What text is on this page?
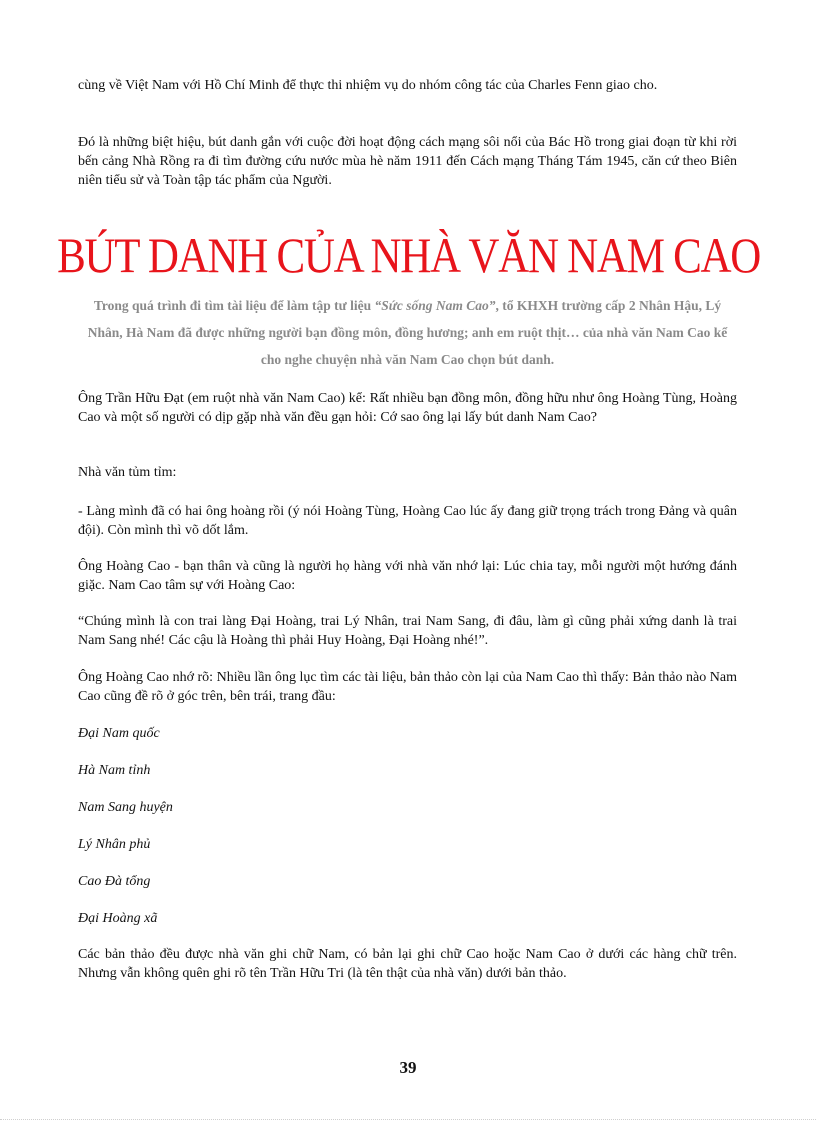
cùng về Việt Nam với Hồ Chí Minh để thực thi nhiệm vụ do nhóm công tác của Charles Fenn giao cho.

Đó là những biệt hiệu, bút danh gắn với cuộc đời hoạt động cách mạng sôi nổi của Bác Hồ trong giai đoạn từ khi rời bến cảng Nhà Rồng ra đi tìm đường cứu nước mùa hè năm 1911 đến Cách mạng Tháng Tám 1945, căn cứ theo Biên niên tiểu sử và Toàn tập tác phẩm của Người.

BÚT DANH CỦA NHÀ VĂN NAM CAO
Trong quá trình đi tìm tài liệu để làm tập tư liệu “Sức sống Nam Cao”, tổ KHXH trường cấp 2 Nhân Hậu, Lý Nhân, Hà Nam đã được những người bạn đồng môn, đồng hương; anh em ruột thịt… của nhà văn Nam Cao kể cho nghe chuyện nhà văn Nam Cao chọn bút danh.

Ông Trần Hữu Đạt (em ruột nhà văn Nam Cao) kể: Rất nhiều bạn đồng môn, đồng hữu như ông Hoàng Tùng, Hoàng Cao và một số người có dịp gặp nhà văn đều gạn hỏi: Cớ sao ông lại lấy bút danh Nam Cao?

Nhà văn tủm tỉm:

- Làng mình đã có hai ông hoàng rồi (ý nói Hoàng Tùng, Hoàng Cao lúc ấy đang giữ trọng trách trong Đảng và quân đội). Còn mình thì võ dốt lắm.

Ông Hoàng Cao - bạn thân và cũng là người họ hàng với nhà văn nhớ lại: Lúc chia tay, mỗi người một hướng đánh giặc. Nam Cao tâm sự với Hoàng Cao:

“Chúng mình là con trai làng Đại Hoàng, trai Lý Nhân, trai Nam Sang, đi đâu, làm gì cũng phải xứng danh là trai Nam Sang nhé! Các cậu là Hoàng thì phải Huy Hoàng, Đại Hoàng nhé!”.

Ông Hoàng Cao nhớ rõ: Nhiều lần ông lục tìm các tài liệu, bản thảo còn lại của Nam Cao thì thấy: Bản thảo nào Nam Cao cũng đề rõ ở góc trên, bên trái, trang đầu:

Đại Nam quốc

Hà Nam tỉnh

Nam Sang huyện

Lý Nhân phủ

Cao Đà tổng

Đại Hoàng xã

Các bản thảo đều được nhà văn ghi chữ Nam, có bản lại ghi chữ Cao hoặc Nam Cao ở dưới các hàng chữ trên. Nhưng vẫn không quên ghi rõ tên Trần Hữu Tri (là tên thật của nhà văn) dưới bản thảo.

39
